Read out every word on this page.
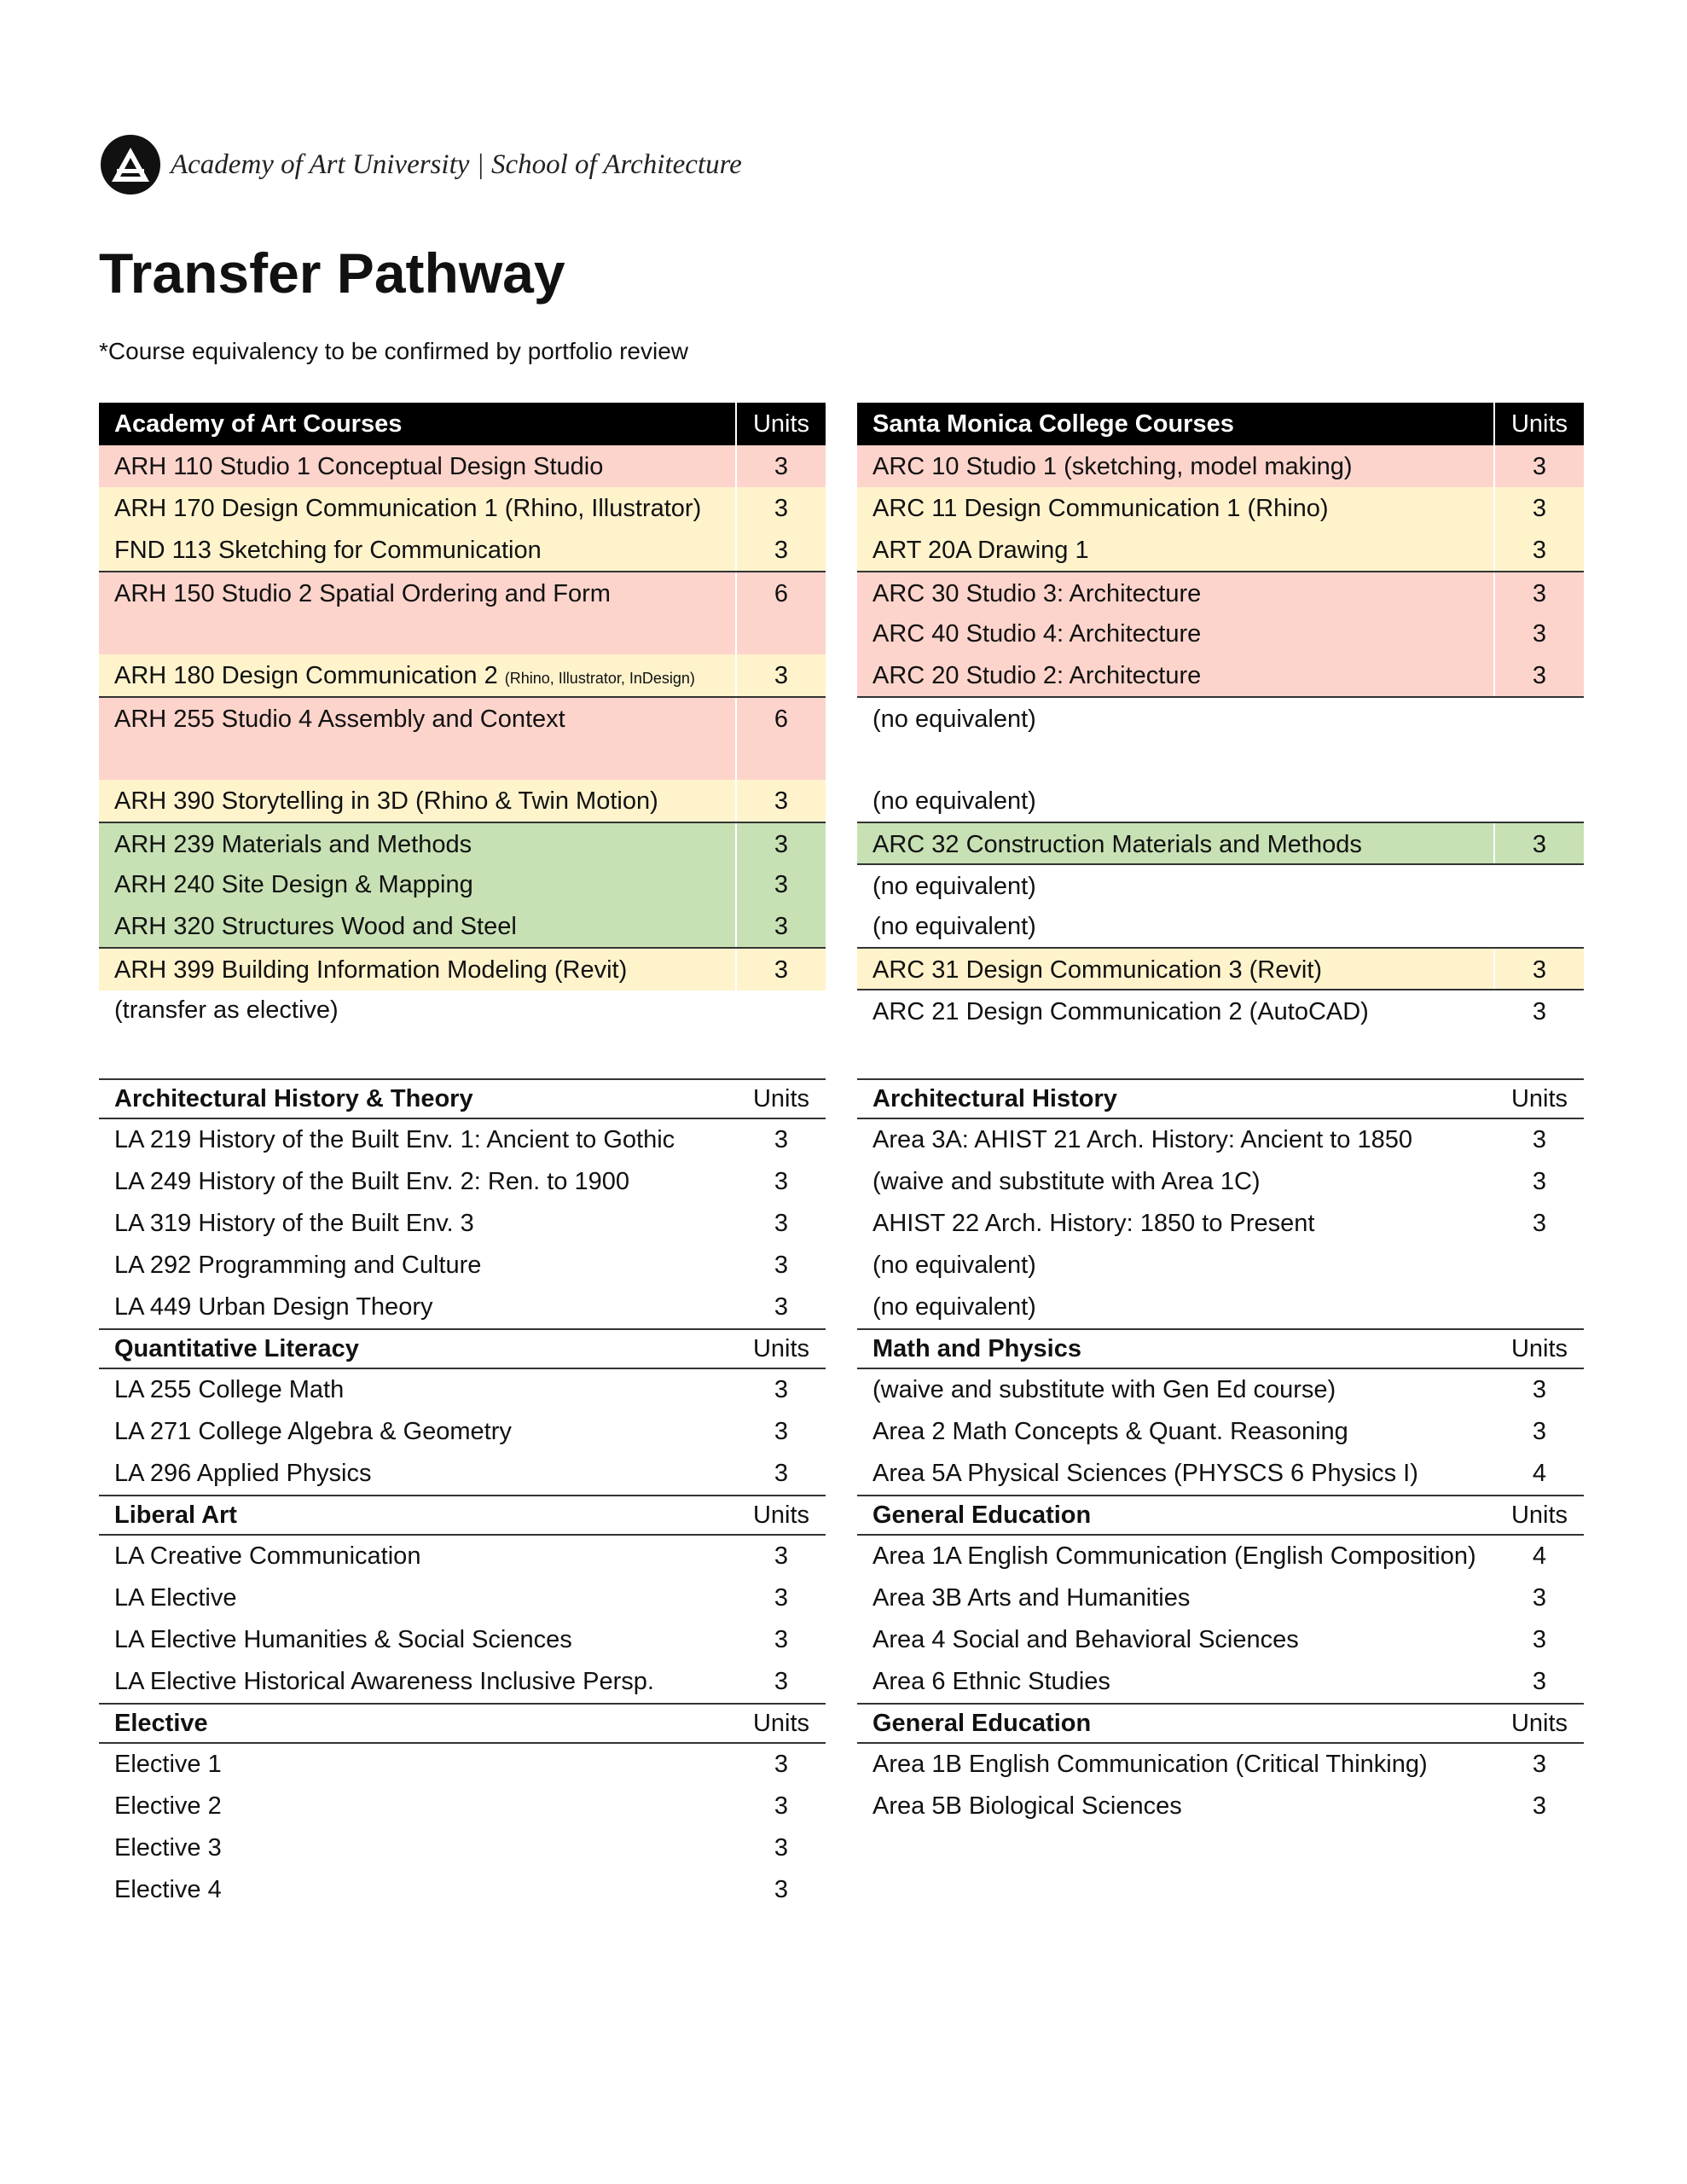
Academy of Art University | School of Architecture
Transfer Pathway
*Course equivalency to be confirmed by portfolio review
Academy of Art Courses	Units
ARH 110 Studio 1 Conceptual Design Studio	3
ARH 170 Design Communication 1 (Rhino, Illustrator)	3
FND 113 Sketching for Communication	3
ARH 150 Studio 2 Spatial Ordering and Form	6
ARH 180 Design Communication 2 (Rhino, Illustrator, InDesign)	3
ARH 255 Studio 4 Assembly and Context	6
ARH 390 Storytelling in 3D (Rhino & Twin Motion)	3
ARH 239 Materials and Methods	3
ARH 240 Site Design & Mapping	3
ARH 320 Structures Wood and Steel	3
ARH 399 Building Information Modeling (Revit)	3
(transfer as elective)
Santa Monica College Courses	Units
ARC 10 Studio 1 (sketching, model making)	3
ARC 11 Design Communication 1 (Rhino)	3
ART 20A Drawing 1	3
ARC 30 Studio 3: Architecture	3
ARC 40 Studio 4: Architecture	3
ARC 20 Studio 2: Architecture	3
(no equivalent)
(no equivalent)
ARC 32 Construction Materials and Methods	3
(no equivalent)
(no equivalent)
ARC 31 Design Communication 3 (Revit)	3
ARC 21 Design Communication 2 (AutoCAD)	3
Architectural History & Theory	Units
LA 219 History of the Built Env. 1: Ancient to Gothic	3
LA 249 History of the Built Env. 2: Ren. to 1900	3
LA 319 History of the Built Env. 3	3
LA 292 Programming and Culture	3
LA 449 Urban Design Theory	3
Quantitative Literacy	Units
LA 255 College Math	3
LA 271 College Algebra & Geometry	3
LA 296 Applied Physics	3
Liberal Art	Units
LA Creative Communication	3
LA Elective	3
LA Elective Humanities & Social Sciences	3
LA Elective Historical Awareness Inclusive Persp.	3
Elective	Units
Elective 1	3
Elective 2	3
Elective 3	3
Elective 4	3
Architectural History	Units
Area 3A: AHIST 21 Arch. History: Ancient to 1850	3
(waive and substitute with Area 1C)	3
AHIST 22 Arch. History: 1850 to Present	3
(no equivalent)
(no equivalent)
Math and Physics	Units
(waive and substitute with Gen Ed course)	3
Area 2 Math Concepts & Quant. Reasoning	3
Area 5A Physical Sciences (PHYSCS 6 Physics I)	4
General Education	Units
Area 1A English Communication (English Composition)	4
Area 3B Arts and Humanities	3
Area 4 Social and Behavioral Sciences	3
Area 6 Ethnic Studies	3
General Education	Units
Area 1B English Communication (Critical Thinking)	3
Area 5B Biological Sciences	3
